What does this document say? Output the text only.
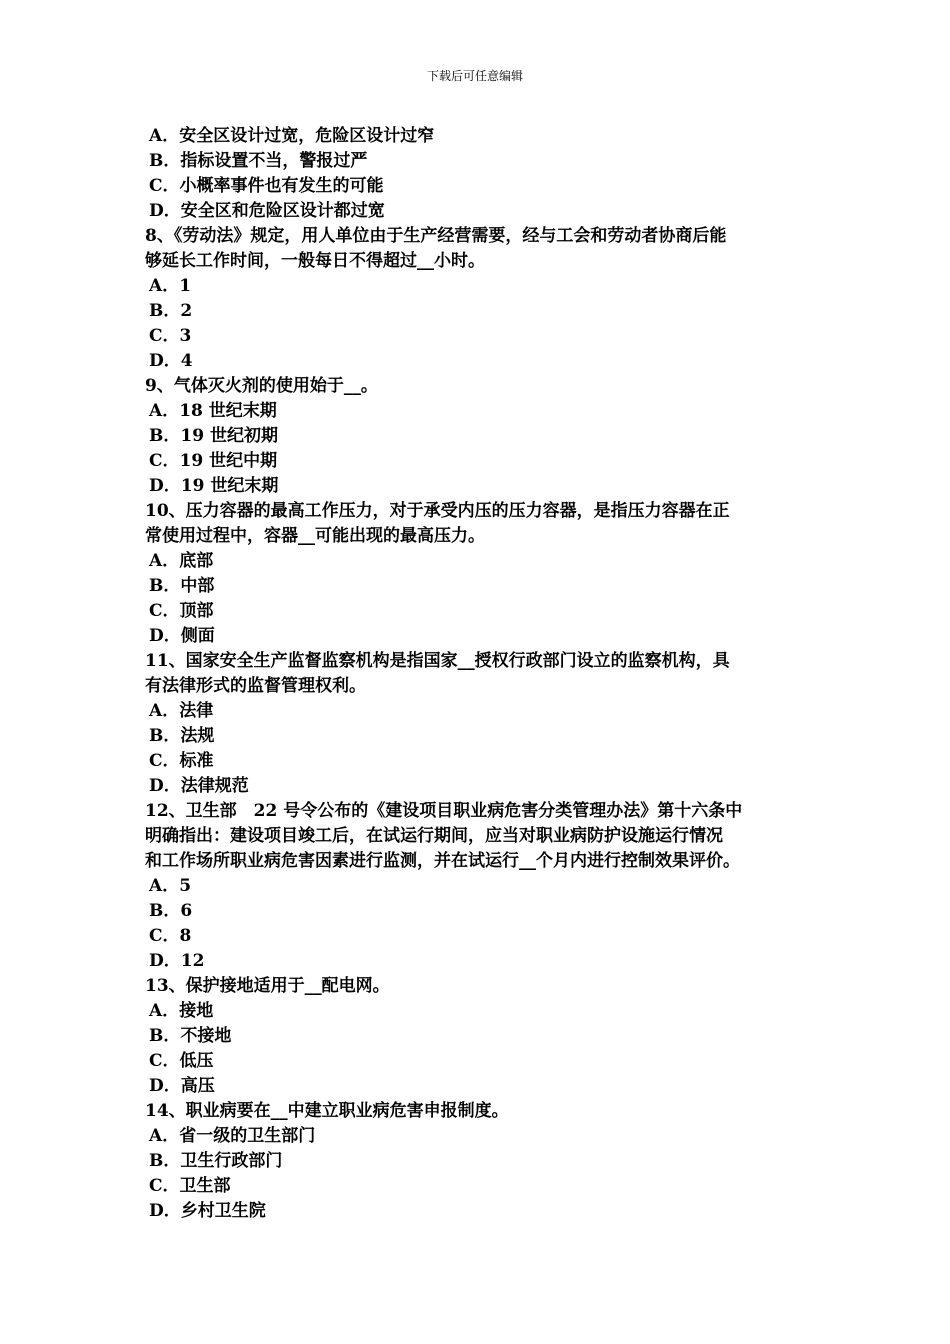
下载后可任意编辑
A．安全区设计过宽，危险区设计过窄
B．指标设置不当，警报过严
C．小概率事件也有发生的可能
D．安全区和危险区设计都过宽
8、《劳动法》规定，用人单位由于生产经营需要，经与工会和劳动者协商后能
够延长工作时间，一般每日不得超过__小时。
A．1
B．2
C．3
D．4
9、气体灭火剂的使用始于__。
A．18 世纪末期
B．19 世纪初期
C．19 世纪中期
D．19 世纪末期
10、压力容器的最高工作压力，对于承受内压的压力容器，是指压力容器在正
常使用过程中，容器__可能出现的最高压力。
A．底部
B．中部
C．顶部
D．侧面
11、国家安全生产监督监察机构是指国家__授权行政部门设立的监察机构，具
有法律形式的监督管理权利。
A．法律
B．法规
C．标准
D．法律规范
12、卫生部　22 号令公布的《建设项目职业病危害分类管理办法》第十六条中
明确指出：建设项目竣工后，在试运行期间，应当对职业病防护设施运行情况
和工作场所职业病危害因素进行监测，并在试运行__个月内进行控制效果评价。
A．5
B．6
C．8
D．12
13、保护接地适用于__配电网。
A．接地
B．不接地
C．低压
D．高压
14、职业病要在__中建立职业病危害申报制度。
A．省一级的卫生部门
B．卫生行政部门
C．卫生部
D．乡村卫生院
